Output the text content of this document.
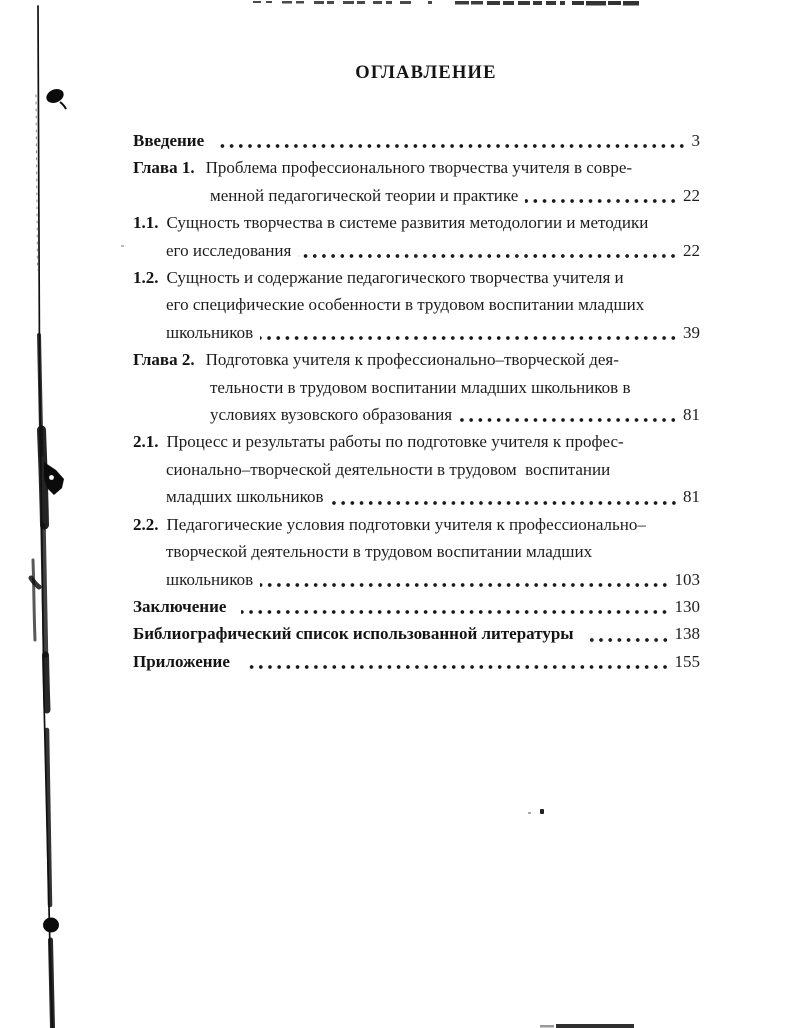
ОГЛАВЛЕНИЕ
Введение	3
Глава 1. Проблема профессионального творчества учителя в совре-
менной педагогической теории и практике	22
1.1. Сущность творчества в системе развития методологии и методики
его исследования	22
1.2. Сущность и содержание педагогического творчества учителя и
его специфические особенности в трудовом воспитании младших
школьников	39
Глава 2. Подготовка учителя к профессионально–творческой дея-
тельности в трудовом воспитании младших школьников в
условиях вузовского образования	81
2.1. Процесс и результаты работы по подготовке учителя к профес-
сионально–творческой деятельности в трудовом  воспитании
младших школьников	81
2.2. Педагогические условия подготовки учителя к профессионально–
творческой деятельности в трудовом воспитании младших
школьников	103
Заключение	130
Библиографический список использованной литературы	138
Приложение	155
